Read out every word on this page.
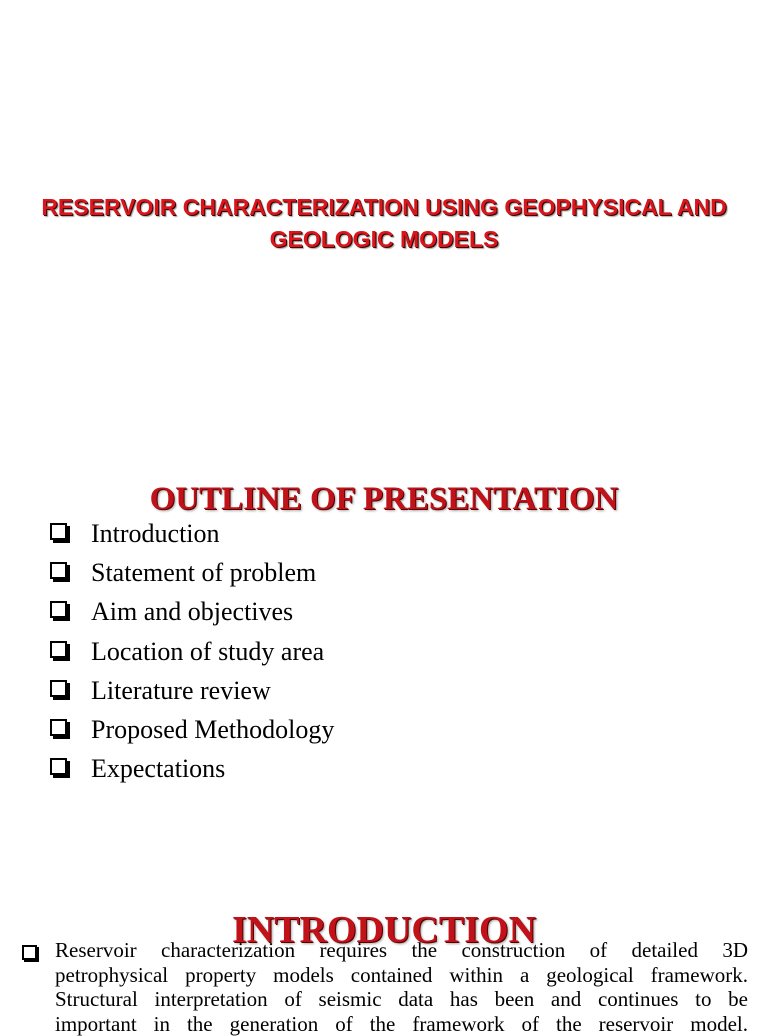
RESERVOIR CHARACTERIZATION USING GEOPHYSICAL AND
GEOLOGIC MODELS
OUTLINE OF PRESENTATION
Introduction
Statement of problem
Aim and objectives
Location of study area
Literature review
Proposed Methodology
Expectations
INTRODUCTION
Reservoir characterization requires the construction of detailed 3D
petrophysical property models contained within a geological framework.
Structural interpretation of seismic data has been and continues to be
important in the generation of the framework of the reservoir model.
